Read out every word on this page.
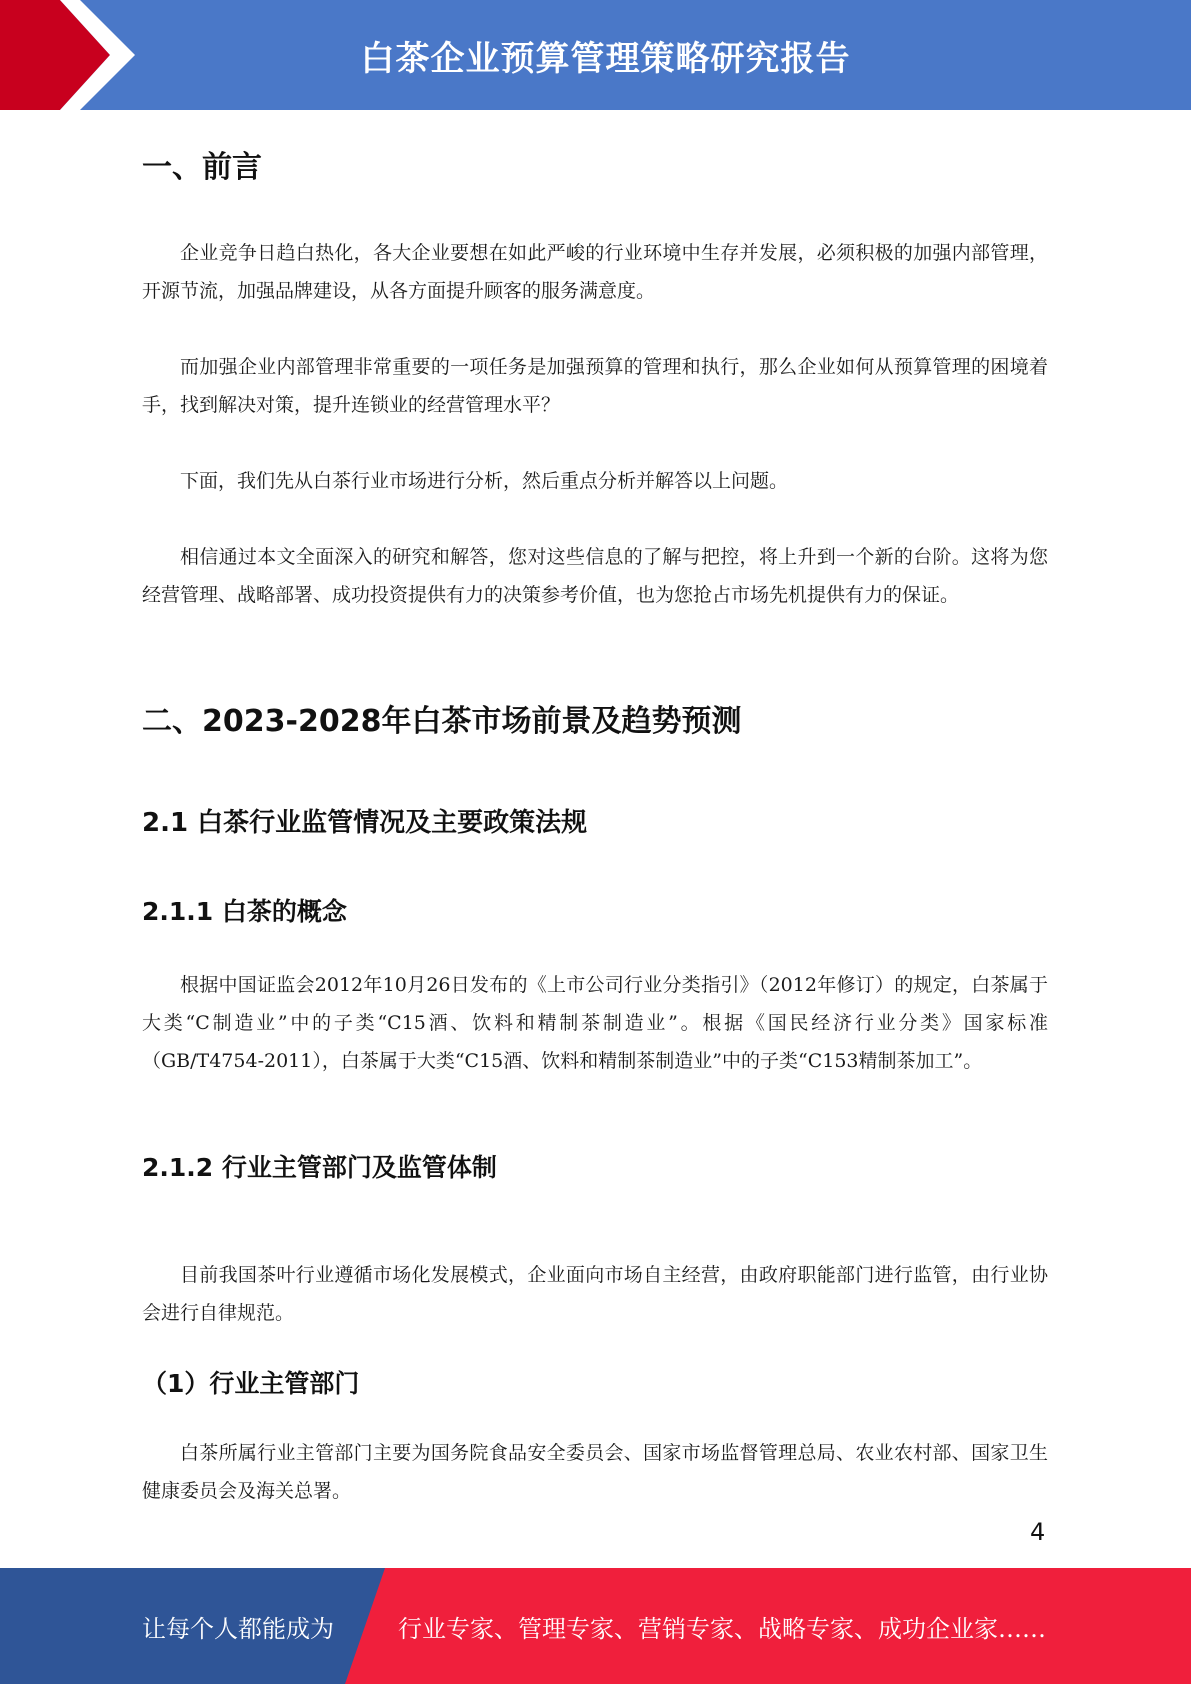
白茶企业预算管理策略研究报告
一、前言
企业竞争日趋白热化，各大企业要想在如此严峻的行业环境中生存并发展，必须积极的加强内部管理，开源节流，加强品牌建设，从各方面提升顾客的服务满意度。
而加强企业内部管理非常重要的一项任务是加强预算的管理和执行，那么企业如何从预算管理的困境着手，找到解决对策，提升连锁业的经营管理水平？
下面，我们先从白茶行业市场进行分析，然后重点分析并解答以上问题。
相信通过本文全面深入的研究和解答，您对这些信息的了解与把控，将上升到一个新的台阶。这将为您经营管理、战略部署、成功投资提供有力的决策参考价值，也为您抢占市场先机提供有力的保证。
二、2023-2028年白茶市场前景及趋势预测
2.1 白茶行业监管情况及主要政策法规
2.1.1 白茶的概念
根据中国证监会2012年10月26日发布的《上市公司行业分类指引》（2012年修订）的规定，白茶属于大类“C制造业”中的子类“C15酒、饮料和精制茶制造业”。根据《国民经济行业分类》国家标准（GB/T4754-2011），白茶属于大类“C15酒、饮料和精制茶制造业”中的子类“C153精制茶加工”。
2.1.2 行业主管部门及监管体制
目前我国茶叶行业遵循市场化发展模式，企业面向市场自主经营，由政府职能部门进行监管，由行业协会进行自律规范。
（1）行业主管部门
白茶所属行业主管部门主要为国务院食品安全委员会、国家市场监督管理总局、农业农村部、国家卫生健康委员会及海关总署。
4
让每个人都能成为	行业专家、管理专家、营销专家、战略专家、成功企业家……
